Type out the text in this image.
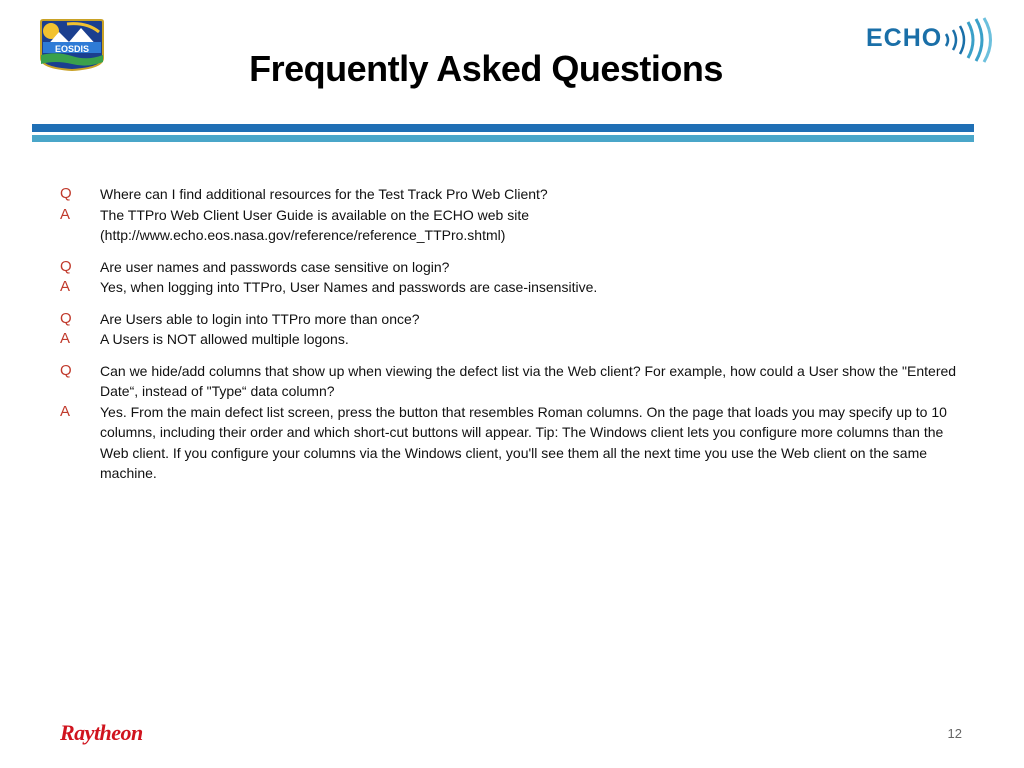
EOSDIS	ECHO
Frequently Asked Questions
Q	Where can I find additional resources for the Test Track Pro Web Client?
A	The TTPro Web Client User Guide is available on the ECHO web site
(http://www.echo.eos.nasa.gov/reference/reference_TTPro.shtml)
Q	Are user names and passwords case sensitive on login?
A	Yes, when logging into TTPro, User Names and passwords are case-insensitive.
Q	Are Users able to login into TTPro more than once?
A	A Users is NOT allowed multiple logons.
Q	Can we hide/add columns that show up when viewing the defect list via the Web client? For example, how could a User show the "Entered Date“, instead of "Type“ data column?
A	Yes. From the main defect list screen, press the button that resembles Roman columns. On the page that loads you may specify up to 10 columns, including their order and which short-cut buttons will appear. Tip: The Windows client lets you configure more columns than the Web client. If you configure your columns via the Windows client, you'll see them all the next time you use the Web client on the same machine.
Raytheon	12
